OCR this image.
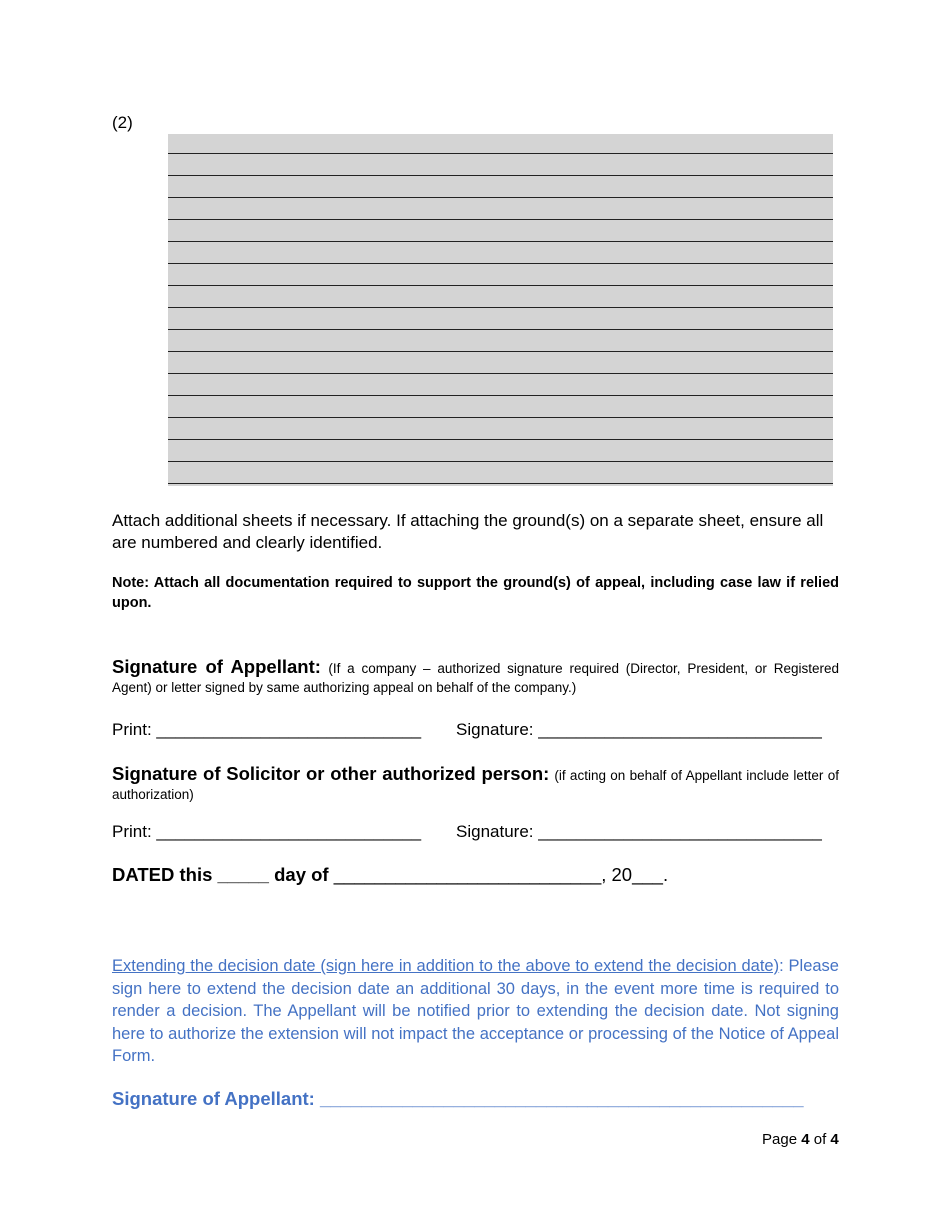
(2)
Attach additional sheets if necessary. If attaching the ground(s) on a separate sheet, ensure all are numbered and clearly identified.
Note: Attach all documentation required to support the ground(s) of appeal, including case law if relied upon.
Signature of Appellant: (If a company – authorized signature required (Director, President, or Registered Agent) or letter signed by same authorizing appeal on behalf of the company.)
Print: ____________________________ Signature: ______________________________
Signature of Solicitor or other authorized person: (if acting on behalf of Appellant include letter of authorization)
Print: ____________________________ Signature: ______________________________
DATED this _____ day of __________________________, 20___.
Extending the decision date (sign here in addition to the above to extend the decision date): Please sign here to extend the decision date an additional 30 days, in the event more time is required to render a decision. The Appellant will be notified prior to extending the decision date. Not signing here to authorize the extension will not impact the acceptance or processing of the Notice of Appeal Form.
Signature of Appellant: _______________________________________________
Page 4 of 4
